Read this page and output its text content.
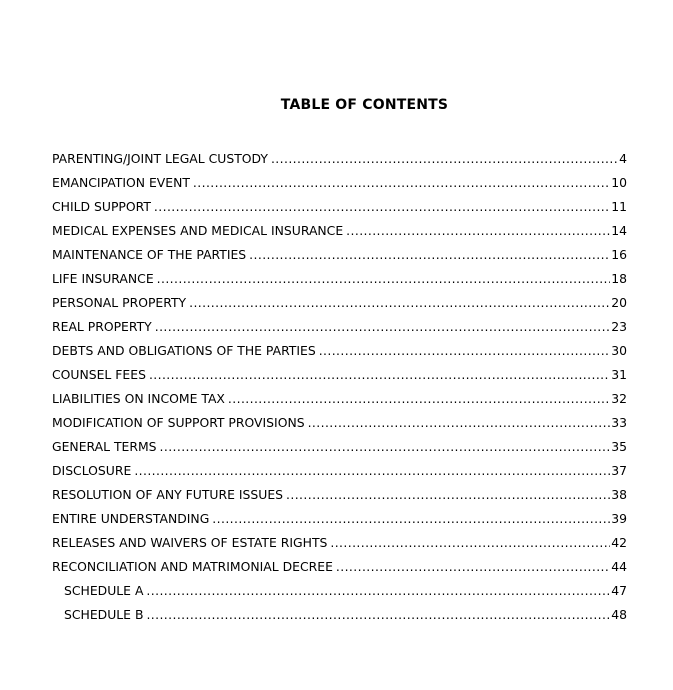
TABLE OF CONTENTS
PARENTING/JOINT LEGAL CUSTODY .....	4
EMANCIPATION EVENT .....	10
CHILD SUPPORT .....	11
MEDICAL EXPENSES AND MEDICAL INSURANCE .....	14
MAINTENANCE OF THE PARTIES .....	16
LIFE INSURANCE .....	18
PERSONAL PROPERTY .....	20
REAL PROPERTY .....	23
DEBTS AND OBLIGATIONS OF THE PARTIES .....	30
COUNSEL FEES .....	31
LIABILITIES ON INCOME TAX .....	32
MODIFICATION OF SUPPORT PROVISIONS .....	33
GENERAL TERMS .....	35
DISCLOSURE .....	37
RESOLUTION OF ANY FUTURE ISSUES .....	38
ENTIRE UNDERSTANDING .....	39
RELEASES AND WAIVERS OF ESTATE RIGHTS .....	42
RECONCILIATION AND MATRIMONIAL DECREE .....	44
SCHEDULE A .....	47
SCHEDULE B .....	48
